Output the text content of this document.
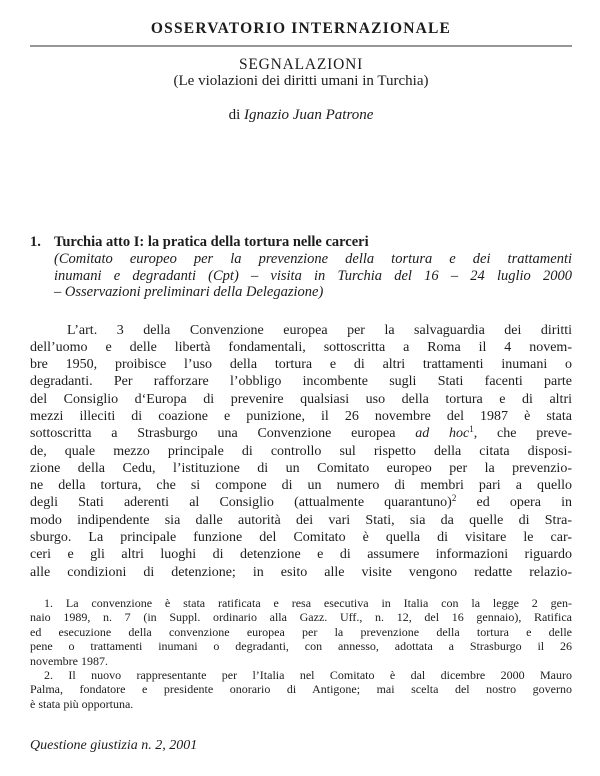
OSSERVATORIO INTERNAZIONALE
SEGNALAZIONI
(Le violazioni dei diritti umani in Turchia)
di Ignazio Juan Patrone
1. Turchia atto I: la pratica della tortura nelle carceri
(Comitato europeo per la prevenzione della tortura e dei trattamenti
inumani e degradanti (Cpt) – visita in Turchia del 16 – 24 luglio 2000
– Osservazioni preliminari della Delegazione)
L’art. 3 della Convenzione europea per la salvaguardia dei diritti
dell’uomo e delle libertà fondamentali, sottoscritta a Roma il 4 novem-
bre 1950, proibisce l’uso della tortura e di altri trattamenti inumani o
degradanti. Per rafforzare l’obbligo incombente sugli Stati facenti parte
del Consiglio d‘Europa di prevenire qualsiasi uso della tortura e di altri
mezzi illeciti di coazione e punizione, il 26 novembre del 1987 è stata
sottoscritta a Strasburgo una Convenzione europea ad hoc$^1$, che preve-
de, quale mezzo principale di controllo sul rispetto della citata disposi-
zione della Cedu, l’istituzione di un Comitato europeo per la prevenzio-
ne della tortura, che si compone di un numero di membri pari a quello
degli Stati aderenti al Consiglio (attualmente quarantuno)$^2$ ed opera in
modo indipendente sia dalle autorità dei vari Stati, sia da quelle di Stra-
sburgo. La principale funzione del Comitato è quella di visitare le car-
ceri e gli altri luoghi di detenzione e di assumere informazioni riguardo
alle condizioni di detenzione; in esito alle visite vengono redatte relazio-
1. La convenzione è stata ratificata e resa esecutiva in Italia con la legge 2 gen-
naio 1989, n. 7 (in Suppl. ordinario alla Gazz. Uff., n. 12, del 16 gennaio), Ratifica
ed esecuzione della convenzione europea per la prevenzione della tortura e delle
pene o trattamenti inumani o degradanti, con annesso, adottata a Strasburgo il 26
novembre 1987.
2. Il nuovo rappresentante per l’Italia nel Comitato è dal dicembre 2000 Mauro
Palma, fondatore e presidente onorario di Antigone; mai scelta del nostro governo
è stata più opportuna.
Questione giustizia n. 2, 2001
